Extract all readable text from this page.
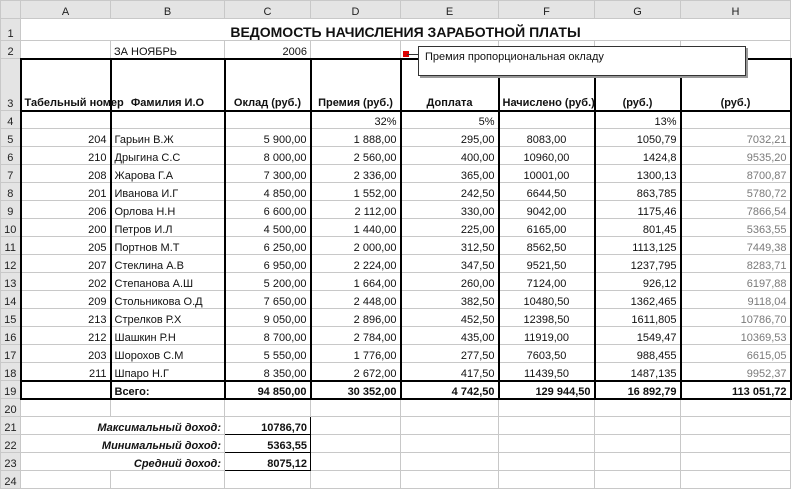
	A	B	C	D	E	F	G	H
1	ВЕДОМОСТЬ НАЧИСЛЕНИЯ ЗАРАБОТНОЙ ПЛАТЫ							
2		ЗА НОЯБРЬ	2006					
3	Табельный номер	Фамилия И.О	Оклад (руб.)	Премия (руб.)	Доплата	Начислено (руб.)	(руб.)	(руб.)
4				32%	5%		13%	
5	204	Гарьин В.Ж	5 900,00	1 888,00	295,00	8083,00	1050,79	7032,21
6	210	Дрыгина С.С	8 000,00	2 560,00	400,00	10960,00	1424,8	9535,20
7	208	Жарова Г.А	7 300,00	2 336,00	365,00	10001,00	1300,13	8700,87
8	201	Иванова И.Г	4 850,00	1 552,00	242,50	6644,50	863,785	5780,72
9	206	Орлова Н.Н	6 600,00	2 112,00	330,00	9042,00	1175,46	7866,54
10	200	Петров И.Л	4 500,00	1 440,00	225,00	6165,00	801,45	5363,55
11	205	Портнов М.Т	6 250,00	2 000,00	312,50	8562,50	1113,125	7449,38
12	207	Стеклина А.В	6 950,00	2 224,00	347,50	9521,50	1237,795	8283,71
13	202	Степанова А.Ш	5 200,00	1 664,00	260,00	7124,00	926,12	6197,88
14	209	Стольникова О.Д	7 650,00	2 448,00	382,50	10480,50	1362,465	9118,04
15	213	Стрелков Р.Х	9 050,00	2 896,00	452,50	12398,50	1611,805	10786,70
16	212	Шашкин Р.Н	8 700,00	2 784,00	435,00	11919,00	1549,47	10369,53
17	203	Шорохов С.М	5 550,00	1 776,00	277,50	7603,50	988,455	6615,05
18	211	Шпаро Н.Г	8 350,00	2 672,00	417,50	11439,50	1487,135	9952,37
19		Всего:	94 850,00	30 352,00	4 742,50	129 944,50	16 892,79	113 051,72
20								
21	Максимальный доход:		10786,70					
22	Минимальный доход:		5363,55					
23	Средний доход:		8075,12					
24								
Премия пропорциональная окладу
